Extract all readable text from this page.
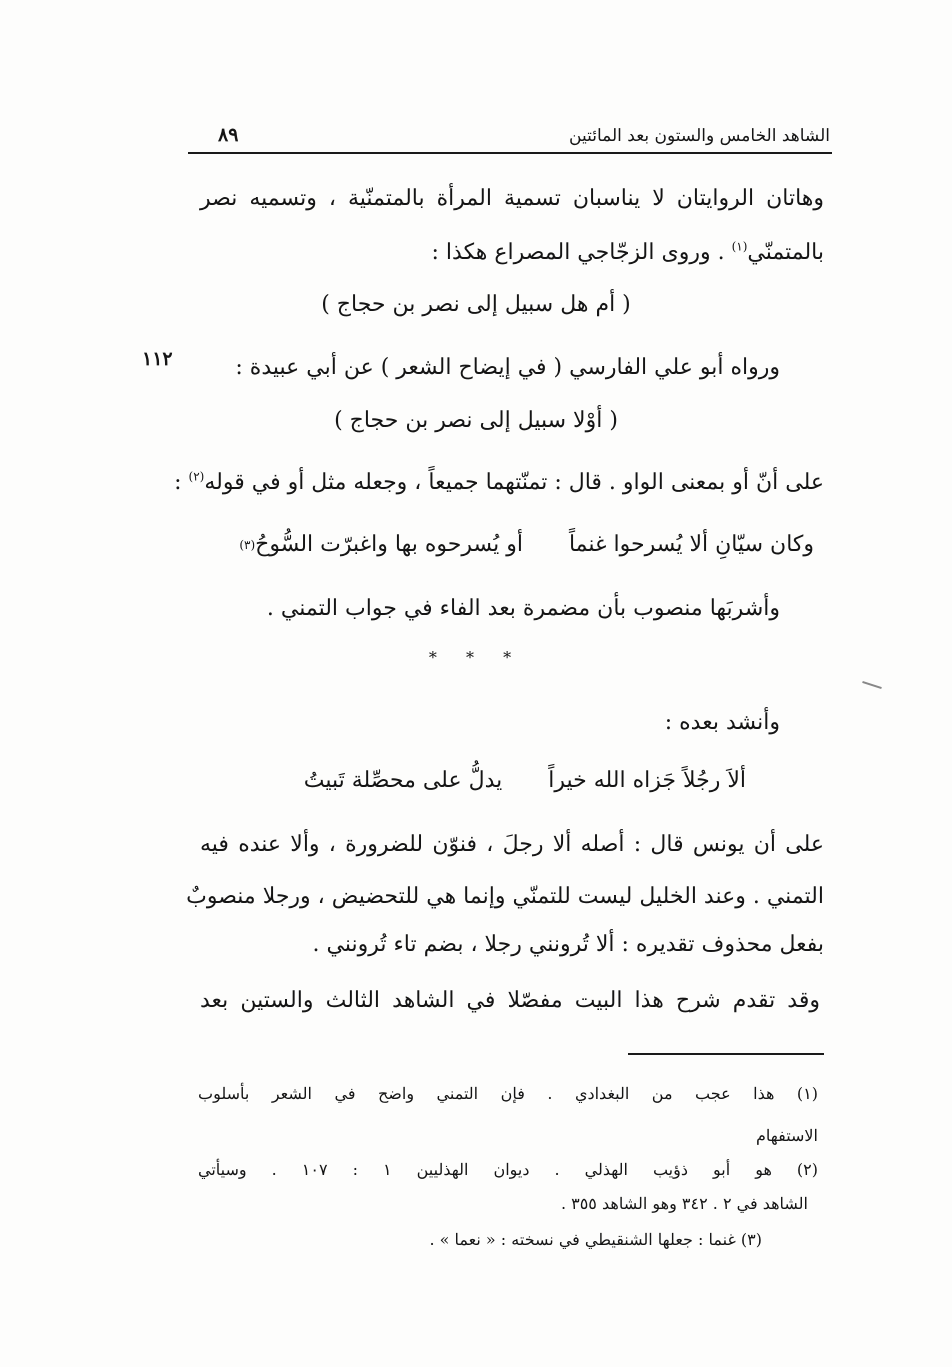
الشاهد الخامس والستون بعد المائتين
٨٩
١١٢
وهاتان الروايتان لا يناسبان تسمية المرأة بالمتمنّية ، وتسميه نصر
بالمتمنّي$^{(١)}$ . وروى الزجّاجي المصراع هكذا :
( أم هل سبيل إلى نصر بن حجاج )
ورواه أبو علي الفارسي ( في إيضاح الشعر ) عن أبي عبيدة :
( أوْلا سبيل إلى نصر بن حجاج )
على أنّ أو بمعنى الواو . قال : تمنّتهما جميعاً ، وجعله مثل أو في قوله$^{(٢)}$ :
وكان سيّانِ ألا يُسرحوا غنماً
أو يُسرحوه بها واغبرّت السُّوحُ
(٣)
وأشربَها منصوب بأن مضمرة بعد الفاء في جواب التمني .
* * *
وأنشد بعده :
ألاَ رجُلاً جَزاه الله خيراً
يدلُّ على محصِّلة تَبيتُ
على أن يونس قال : أصله ألا رجلَ ، فنوّن للضرورة ، وألا عنده فيه
التمني . وعند الخليل ليست للتمنّي وإنما هي للتحضيض ، ورجلا منصوبٌ
بفعل محذوف تقديره : ألا تُرونني رجلا ، بضم تاء تُرونني .
وقد تقدم شرح هذا البيت مفصّلا في الشاهد الثالث والستين بعد
(١) هذا عجب من البغدادي . فإن التمني واضح في الشعر بأسلوب
الاستفهام
(٢) هو أبو ذؤيب الهذلي . ديوان الهذليين ١ : ١٠٧ . وسيأتي
الشاهد في ٢ . ٣٤٢ وهو الشاهد ٣٥٥ .
(٣) غنما : جعلها الشنقيطي في نسخته : « نعما » .
